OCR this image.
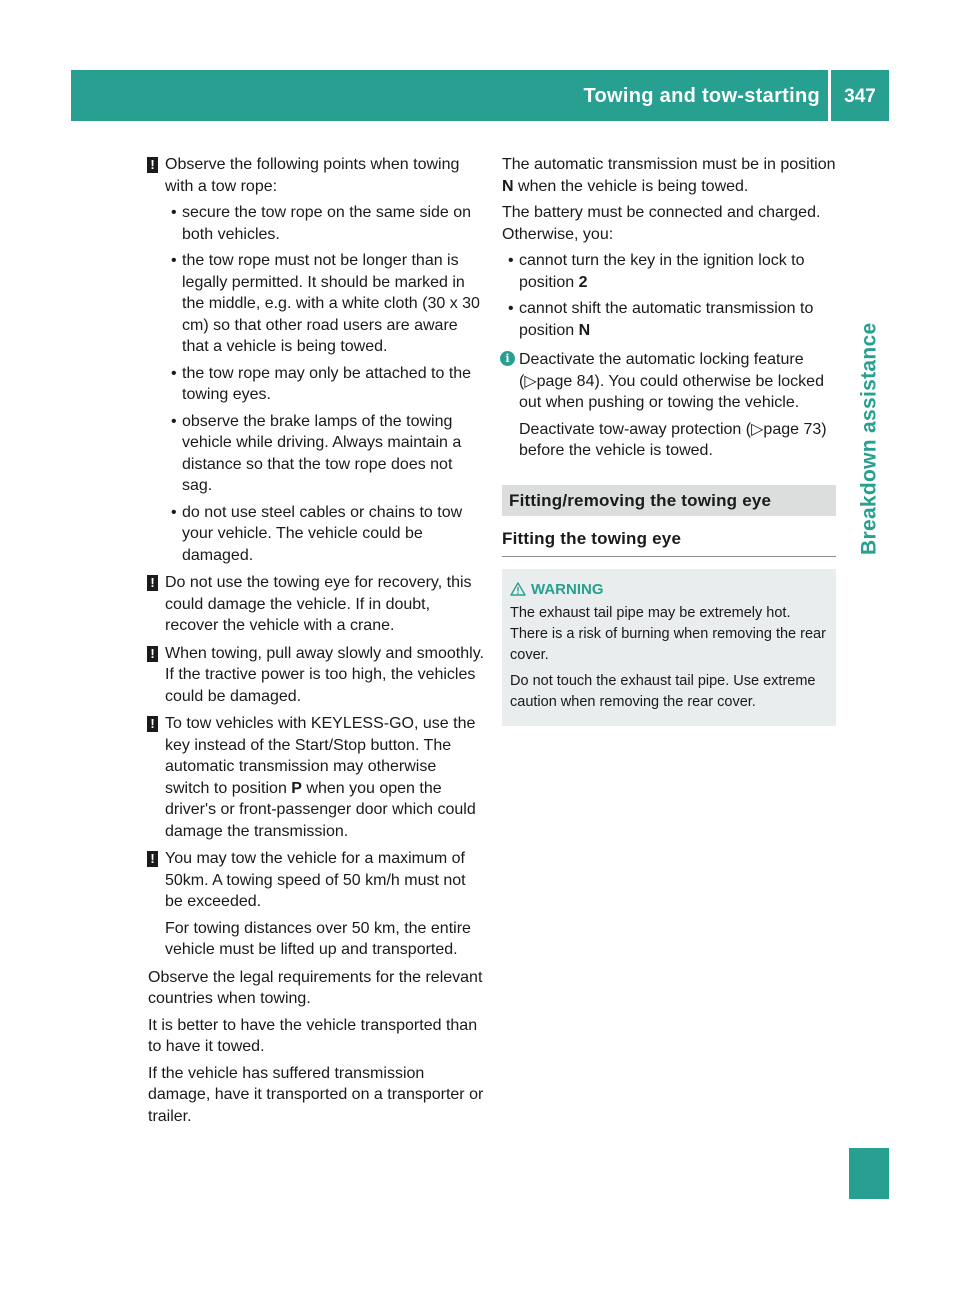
Towing and tow-starting	347
Breakdown assistance
! Observe the following points when towing with a tow rope:
• secure the tow rope on the same side on both vehicles.
• the tow rope must not be longer than is legally permitted. It should be marked in the middle, e.g. with a white cloth (30 x 30 cm) so that other road users are aware that a vehicle is being towed.
• the tow rope may only be attached to the towing eyes.
• observe the brake lamps of the towing vehicle while driving. Always maintain a distance so that the tow rope does not sag.
• do not use steel cables or chains to tow your vehicle. The vehicle could be damaged.
! Do not use the towing eye for recovery, this could damage the vehicle. If in doubt, recover the vehicle with a crane.
! When towing, pull away slowly and smoothly. If the tractive power is too high, the vehicles could be damaged.
! To tow vehicles with KEYLESS-GO, use the key instead of the Start/Stop button. The automatic transmission may otherwise switch to position P when you open the driver's or front-passenger door which could damage the transmission.
! You may tow the vehicle for a maximum of 50km. A towing speed of 50 km/h must not be exceeded.
For towing distances over 50 km, the entire vehicle must be lifted up and transported.

Observe the legal requirements for the relevant countries when towing.

It is better to have the vehicle transported than to have it towed.

If the vehicle has suffered transmission damage, have it transported on a transporter or trailer.

The automatic transmission must be in position N when the vehicle is being towed.

The battery must be connected and charged. Otherwise, you:

• cannot turn the key in the ignition lock to position 2
• cannot shift the automatic transmission to position N
i Deactivate the automatic locking feature (▷page 84). You could otherwise be locked out when pushing or towing the vehicle.
Deactivate tow-away protection (▷page 73) before the vehicle is towed.
Fitting/removing the towing eye
Fitting the towing eye
WARNING

The exhaust tail pipe may be extremely hot. There is a risk of burning when removing the rear cover.

Do not touch the exhaust tail pipe. Use extreme caution when removing the rear cover.
